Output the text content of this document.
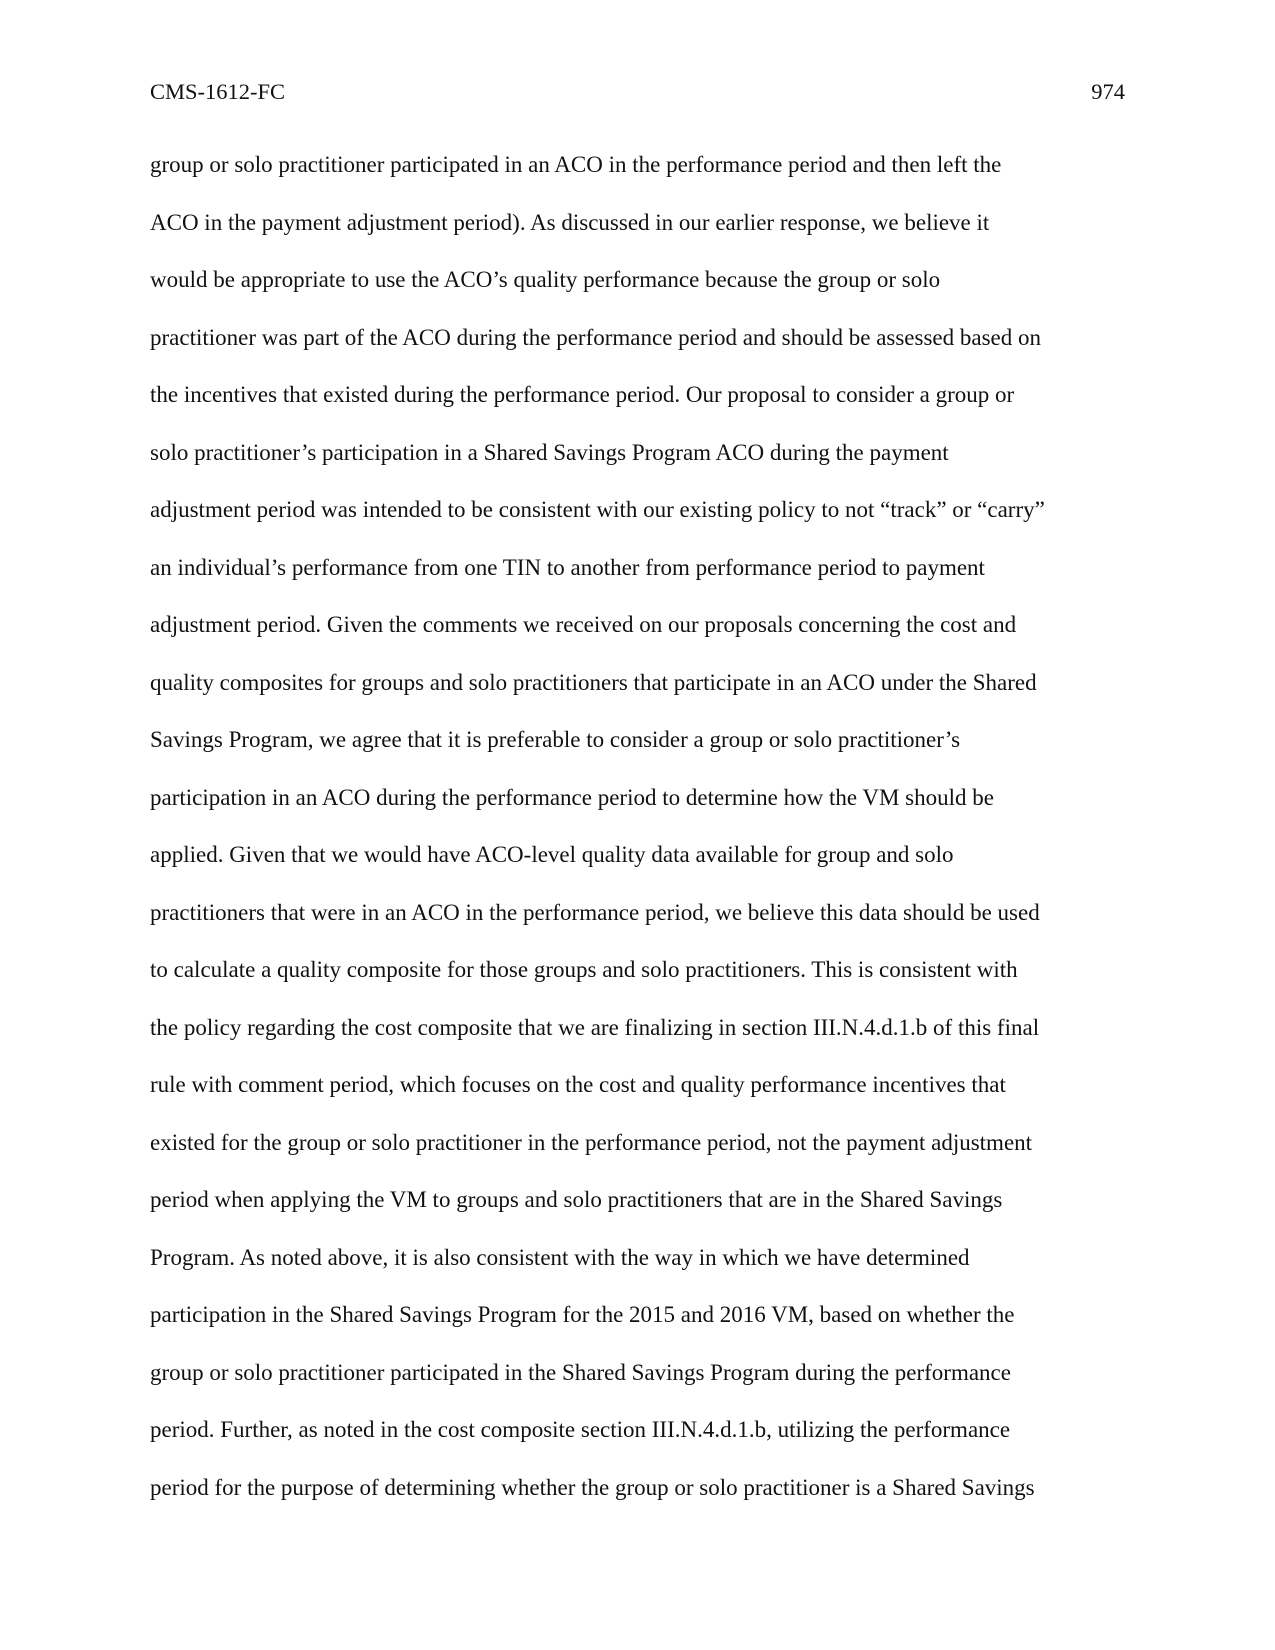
CMS-1612-FC	974
group or solo practitioner participated in an ACO in the performance period and then left the
ACO in the payment adjustment period). As discussed in our earlier response, we believe it
would be appropriate to use the ACO’s quality performance because the group or solo
practitioner was part of the ACO during the performance period and should be assessed based on
the incentives that existed during the performance period. Our proposal to consider a group or
solo practitioner’s participation in a Shared Savings Program ACO during the payment
adjustment period was intended to be consistent with our existing policy to not “track” or “carry”
an individual’s performance from one TIN to another from performance period to payment
adjustment period. Given the comments we received on our proposals concerning the cost and
quality composites for groups and solo practitioners that participate in an ACO under the Shared
Savings Program, we agree that it is preferable to consider a group or solo practitioner’s
participation in an ACO during the performance period to determine how the VM should be
applied. Given that we would have ACO-level quality data available for group and solo
practitioners that were in an ACO in the performance period, we believe this data should be used
to calculate a quality composite for those groups and solo practitioners. This is consistent with
the policy regarding the cost composite that we are finalizing in section III.N.4.d.1.b of this final
rule with comment period, which focuses on the cost and quality performance incentives that
existed for the group or solo practitioner in the performance period, not the payment adjustment
period when applying the VM to groups and solo practitioners that are in the Shared Savings
Program. As noted above, it is also consistent with the way in which we have determined
participation in the Shared Savings Program for the 2015 and 2016 VM, based on whether the
group or solo practitioner participated in the Shared Savings Program during the performance
period. Further, as noted in the cost composite section III.N.4.d.1.b, utilizing the performance
period for the purpose of determining whether the group or solo practitioner is a Shared Savings
